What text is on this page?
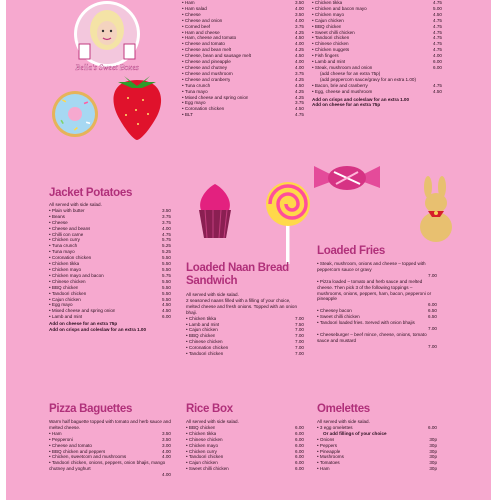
Bella's Sweet Boxes
• Ham	3.50
• Ham salad	4.00
• Cheese	3.50
• Cheese and onion	4.00
• Corned beef	3.75
• Ham and cheese	4.25
• Ham, cheese and tomato	4.50
• Cheese and tomato	4.00
• Cheese and bean melt	4.25
• Cheese, bean and sausage melt	4.50
• Cheese and pineapple	4.00
• Cheese and chutney	4.00
• Cheese and mushroom	3.75
• Cheese and cranberry	4.25
• Tuna crunch	4.50
• Tuna mayo	4.25
• Mixed cheese and spring onion	4.25
• Egg mayo	3.75
• Coronation chicken	4.50
• BLT	4.75
• Chicken tikka	4.75
• Chicken and bacon mayo	5.00
• Chicken mayo	4.50
• Cajun chicken	4.75
• BBQ chicken	4.75
• Sweet chilli chicken	4.75
• Tandoori chicken	4.75
• Chinese chicken	4.75
• Chicken nuggets	4.75
• Fish fingers	4.00
• Lamb and mint	6.00
• Steak, mushroom and onion	6.00
(add cheese for an extra 75p)
(add peppercorn sauce/gravy for an extra 1.00)
• Bacon, brie and cranberry	4.75
• Egg, cheese and mushroom	4.50
Add on crisps and coleslaw for an extra 1.00
Add on cheese for an extra 75p
Jacket Potatoes
All served with side salad.
• Plain with butter	3.50
• Beans	3.75
• Cheese	3.75
• Cheese and beans	4.00
• Chilli con carne	4.75
• Chicken curry	5.75
• Tuna crunch	5.25
• Tuna mayo	5.25
• Coronation chicken	5.50
• Chicken tikka	5.50
• Chicken mayo	5.50
• Chicken mayo and bacon	5.75
• Chinese chicken	5.50
• BBQ chicken	5.50
• Tandoori chicken	5.50
• Cajun chicken	5.50
• Egg mayo	4.50
• Mixed cheese and spring onion	4.50
• Lamb and mint	6.00
Add on cheese for an extra 75p
Add on crisps and coleslaw for an extra 1.00
Loaded Naan Bread
Sandwich
All served with side salad.
2 seasoned naans filled with a filling of your choice, melted cheese and fresh onions. Topped with an onion bhaji.
• Chicken tikka	7.00
• Lamb and mint	7.50
• Cajun chicken	7.00
• BBQ chicken	7.00
• Chinese chicken	7.00
• Coronation chicken	7.00
• Tandoori chicken	7.00
Loaded Fries
• Steak, mushroom, onions and cheese – topped with peppercorn sauce or gravy
7.00
• Pizza loaded – tomato and herb sauce and melted cheese. Then pick 3 of the following toppings – mushrooms, onions, peppers, ham, bacon, pepperoni or pineapple
6.00
• Cheesey bacon	6.50
• Sweet chilli chicken	6.50
• Tandoori loaded fries. Served with onion bhajis
7.00
• Cheeseburger – beef mince, cheese, onions, tomato sauce and mustard
7.00
Pizza Baguettes
Warm half baguette topped with tomato and herb sauce and melted cheese.
• Ham	3.50
• Pepperoni	3.50
• Cheese and tomato	3.00
• BBQ chicken and peppers	4.00
• Chicken, sweetcorn and mushrooms	4.00
• Tandoori chicken, onions, peppers, onion bhajis, mango chutney and yoghurt
4.00
Rice Box
All served with side salad.
• BBQ chicken	6.00
• Chicken tikka	6.00
• Chinese chicken	6.00
• Chicken mayo	6.00
• Chicken curry	6.00
• Tandoori chicken	6.00
• Cajun chicken	6.00
• Sweet chilli chicken	6.00
Omelettes
All served with side salad.
• 3 egg omelettes	6.00
Or add fillings of your choice
• Onions	30p
• Peppers	30p
• Pineapple	30p
• Mushrooms	30p
• Tomatoes	30p
• Ham	30p
